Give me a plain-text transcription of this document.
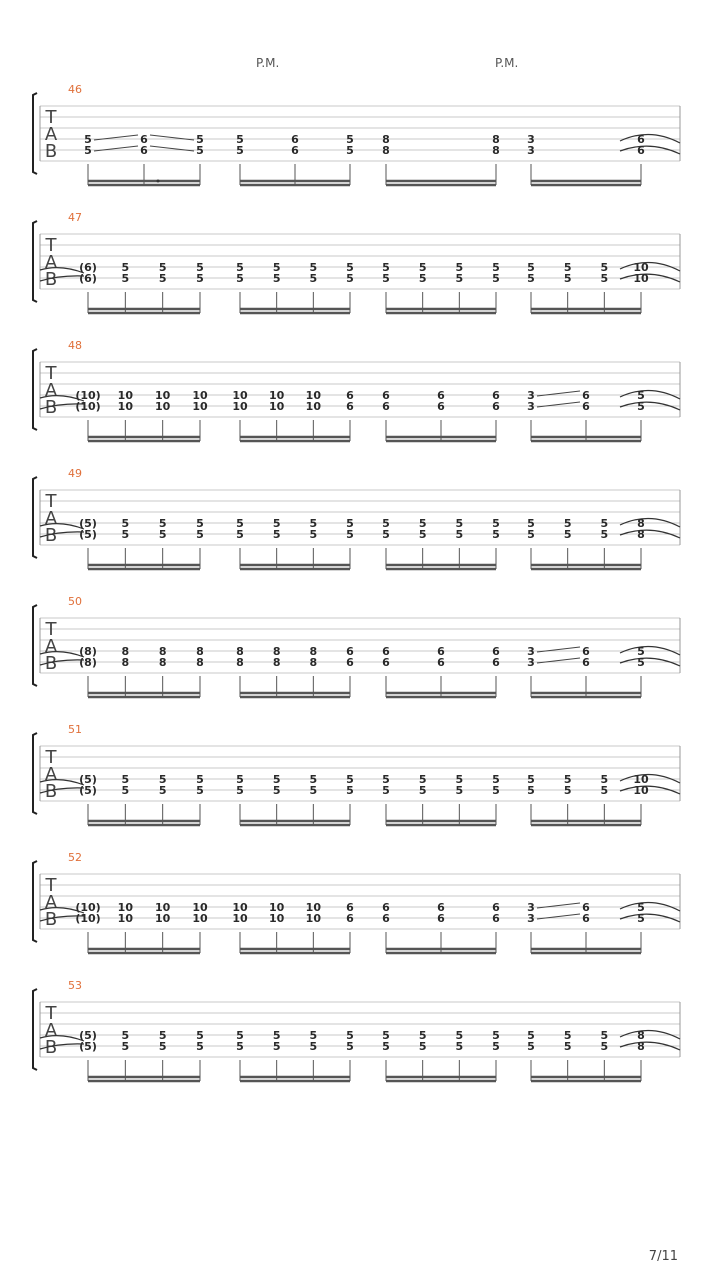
P.M.	P.M.
46
T
A
B
5
5
6
6
5
5
5
5
6
6
5
5
8
8
8
8
3
3
6
6
47
T
A
B
(6)
(6)
5
5
5
5
5
5
5
5
5
5
5
5
5
5
5
5
5
5
5
5
5
5
5
5
5
5
5
5
10
10
48
T
A
B
(10)
(10)
10
10
10
10
10
10
10
10
10
10
10
10
6
6
6
6
6
6
6
6
3
3
6
6
5
5
49
T
A
B
(5)
(5)
5
5
5
5
5
5
5
5
5
5
5
5
5
5
5
5
5
5
5
5
5
5
5
5
5
5
5
5
8
8
50
T
A
B
(8)
(8)
8
8
8
8
8
8
8
8
8
8
8
8
6
6
6
6
6
6
6
6
3
3
6
6
5
5
51
T
A
B
(5)
(5)
5
5
5
5
5
5
5
5
5
5
5
5
5
5
5
5
5
5
5
5
5
5
5
5
5
5
5
5
10
10
52
T
A
B
(10)
(10)
10
10
10
10
10
10
10
10
10
10
10
10
6
6
6
6
6
6
6
6
3
3
6
6
5
5
53
T
A
B
(5)
(5)
5
5
5
5
5
5
5
5
5
5
5
5
5
5
5
5
5
5
5
5
5
5
5
5
5
5
5
5
8
8
7/11
